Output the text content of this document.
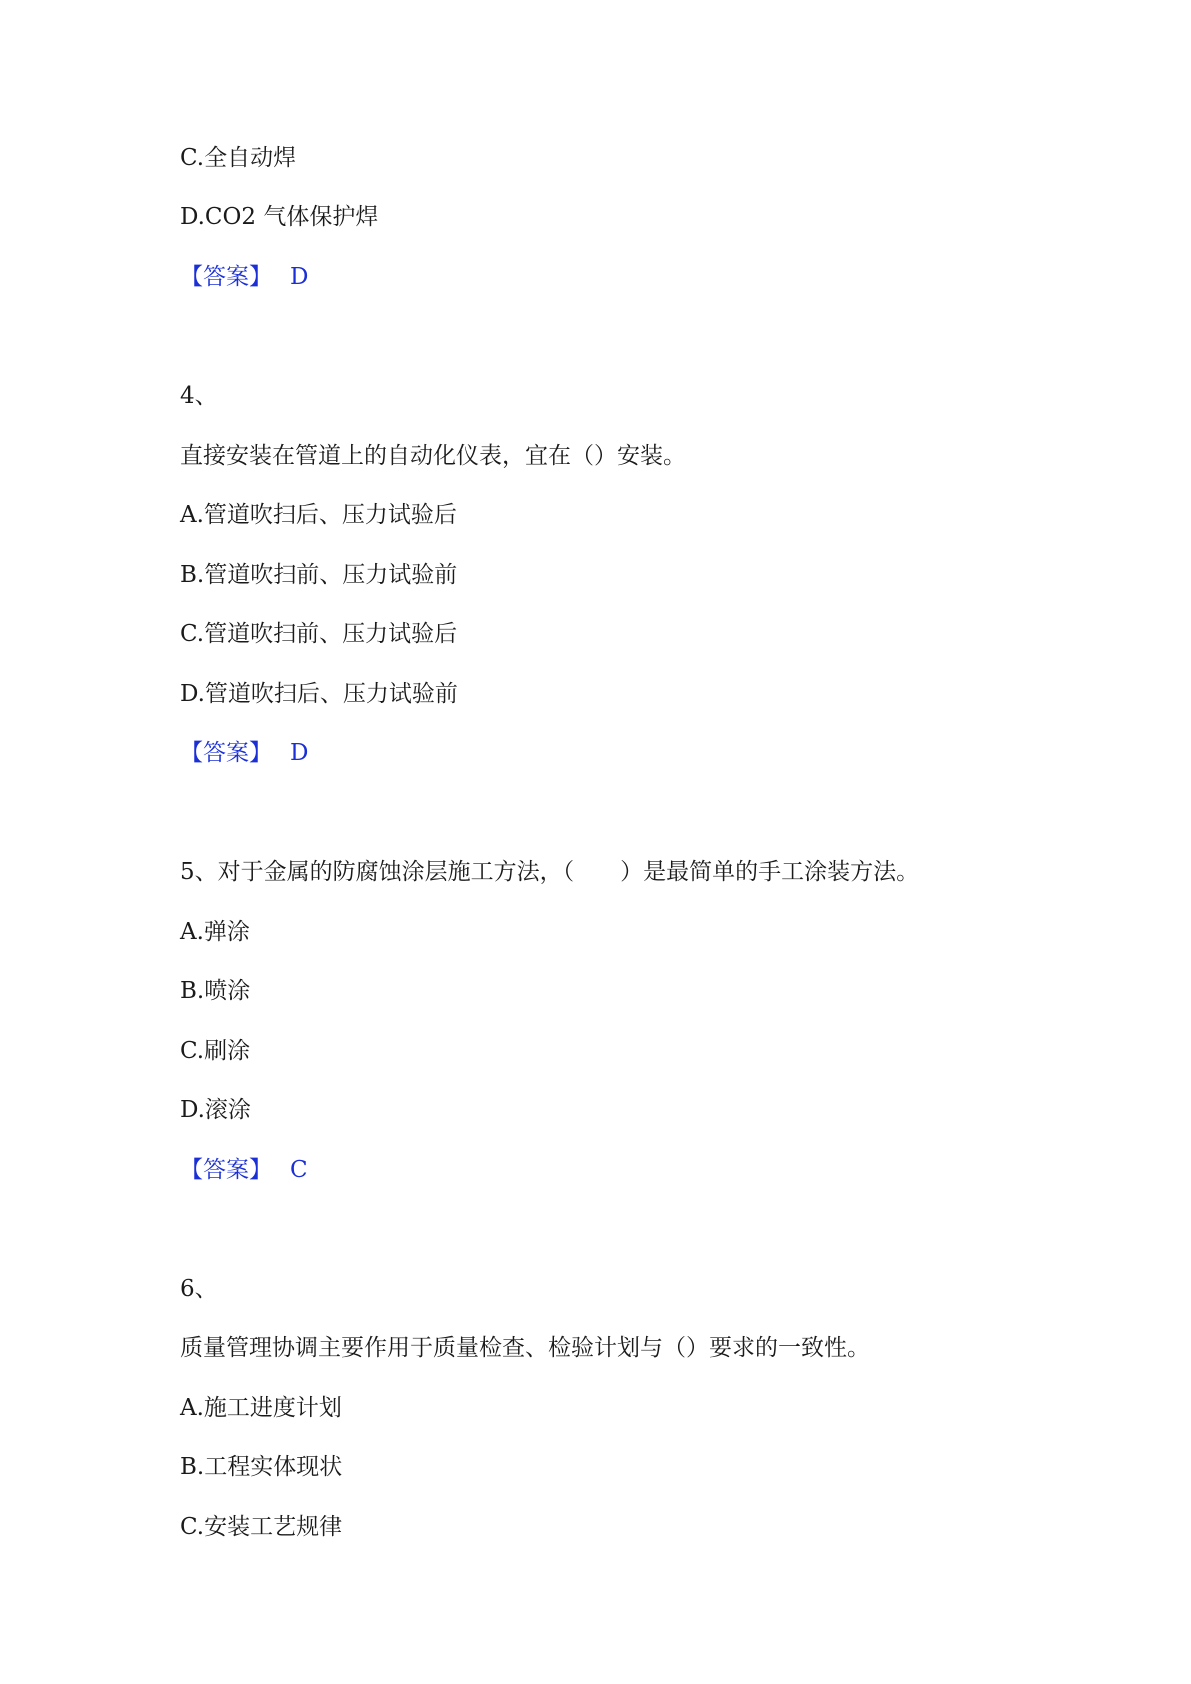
C.全自动焊
D.CO2 气体保护焊
【答案】 D
4、
直接安装在管道上的自动化仪表，宜在（）安装。
A.管道吹扫后、压力试验后
B.管道吹扫前、压力试验前
C.管道吹扫前、压力试验后
D.管道吹扫后、压力试验前
【答案】 D
5、对于金属的防腐蚀涂层施工方法，（　　）是最简单的手工涂装方法。
A.弹涂
B.喷涂
C.刷涂
D.滚涂
【答案】 C
6、
质量管理协调主要作用于质量检查、检验计划与（）要求的一致性。
A.施工进度计划
B.工程实体现状
C.安装工艺规律
